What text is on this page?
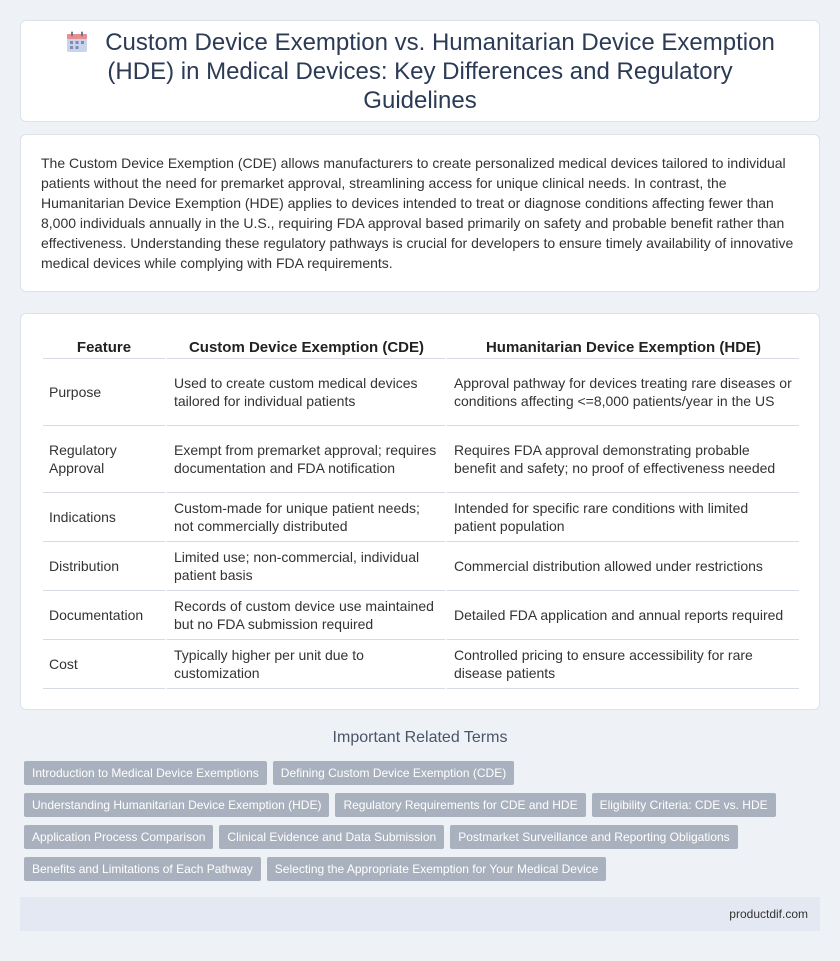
Custom Device Exemption vs. Humanitarian Device Exemption (HDE) in Medical Devices: Key Differences and Regulatory Guidelines

The Custom Device Exemption (CDE) allows manufacturers to create personalized medical devices tailored to individual patients without the need for premarket approval, streamlining access for unique clinical needs. In contrast, the Humanitarian Device Exemption (HDE) applies to devices intended to treat or diagnose conditions affecting fewer than 8,000 individuals annually in the U.S., requiring FDA approval based primarily on safety and probable benefit rather than effectiveness. Understanding these regulatory pathways is crucial for developers to ensure timely availability of innovative medical devices while complying with FDA requirements.

Feature	Custom Device Exemption (CDE)	Humanitarian Device Exemption (HDE)
Purpose	Used to create custom medical devices tailored for individual patients	Approval pathway for devices treating rare diseases or conditions affecting <=8,000 patients/year in the US
Regulatory Approval	Exempt from premarket approval; requires documentation and FDA notification	Requires FDA approval demonstrating probable benefit and safety; no proof of effectiveness needed
Indications	Custom-made for unique patient needs; not commercially distributed	Intended for specific rare conditions with limited patient population
Distribution	Limited use; non-commercial, individual patient basis	Commercial distribution allowed under restrictions
Documentation	Records of custom device use maintained but no FDA submission required	Detailed FDA application and annual reports required
Cost	Typically higher per unit due to customization	Controlled pricing to ensure accessibility for rare disease patients
Important Related Terms
Introduction to Medical Device Exemptions	Defining Custom Device Exemption (CDE)
Understanding Humanitarian Device Exemption (HDE)	Regulatory Requirements for CDE and HDE	Eligibility Criteria: CDE vs. HDE
Application Process Comparison	Clinical Evidence and Data Submission	Postmarket Surveillance and Reporting Obligations
Benefits and Limitations of Each Pathway	Selecting the Appropriate Exemption for Your Medical Device
productdif.com
